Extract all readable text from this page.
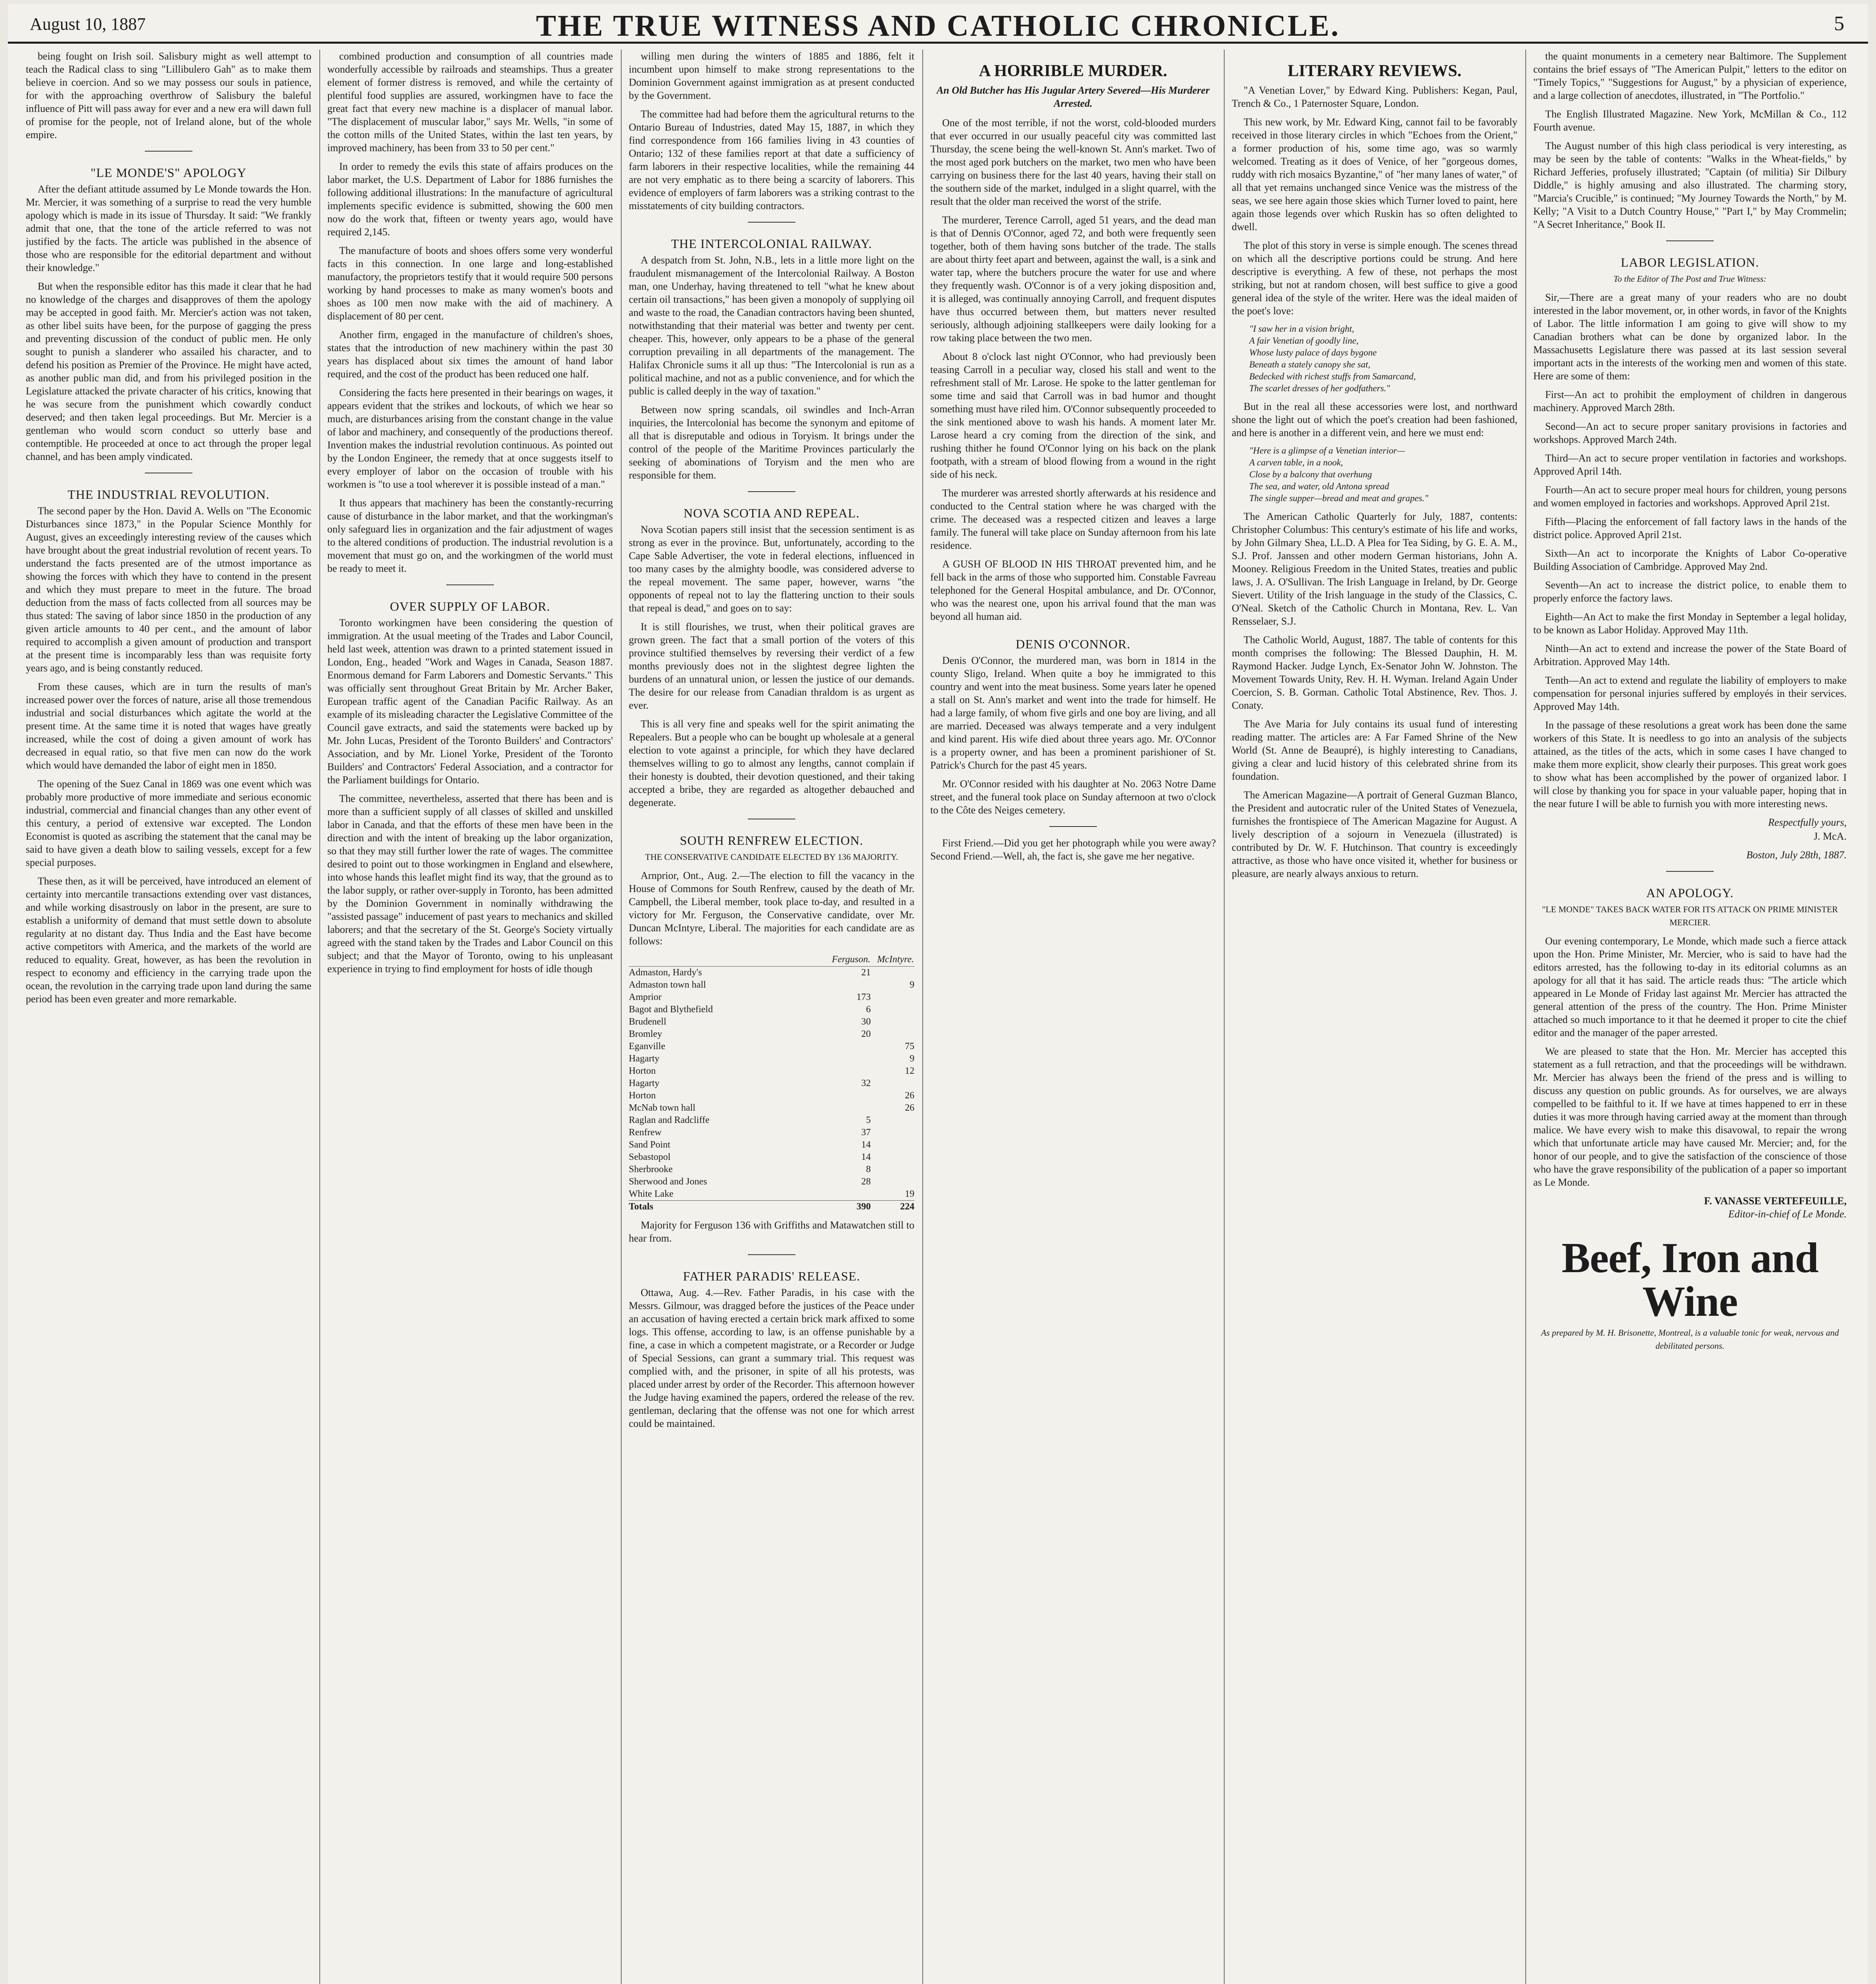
August 10, 1887	THE TRUE WITNESS AND CATHOLIC CHRONICLE.	5

being fought on Irish soil. Salisbury might as well attempt to teach the Radical class to sing "Lillibulero Gah" as to make them believe in coercion. And so we may possess our souls in patience, for with the approaching overthrow of Salisbury the baleful influence of Pitt will pass away for ever and a new era will dawn full of promise for the people, not of Ireland alone, but of the whole empire.

"LE MONDE'S" APOLOGY

After the defiant attitude assumed by Le Monde towards the Hon. Mr. Mercier, it was something of a surprise to read the very humble apology which is made in its issue of Thursday. It said: "We frankly admit that one, that the tone of the article referred to was not justified by the facts. The article was published in the absence of those who are responsible for the editorial department and without their knowledge."

But when the responsible editor has this made it clear that he had no knowledge of the charges and disapproves of them the apology may be accepted in good faith. Mr. Mercier's action was not taken, as other libel suits have been, for the purpose of gagging the press and preventing discussion of the conduct of public men. He only sought to punish a slanderer who assailed his character, and to defend his position as Premier of the Province. He might have acted, as another public man did, and from his privileged position in the Legislature attacked the private character of his critics, knowing that he was secure from the punishment which cowardly conduct deserved; and then taken legal proceedings. But Mr. Mercier is a gentleman who would scorn conduct so utterly base and contemptible. He proceeded at once to act through the proper legal channel, and has been amply vindicated.

THE INDUSTRIAL REVOLUTION.

The second paper by the Hon. David A. Wells on "The Economic Disturbances since 1873," in the Popular Science Monthly for August, gives an exceedingly interesting review of the causes which have brought about the great industrial revolution of recent years. To understand the facts presented are of the utmost importance as showing the forces with which they have to contend in the present and which they must prepare to meet in the future. The broad deduction from the mass of facts collected from all sources may be thus stated: The saving of labor since 1850 in the production of any given article amounts to 40 per cent., and the amount of labor required to accomplish a given amount of production and transport at the present time is incomparably less than was requisite forty years ago, and is being constantly reduced.

From these causes, which are in turn the results of man's increased power over the forces of nature, arise all those tremendous industrial and social disturbances which agitate the world at the present time. At the same time it is noted that wages have greatly increased, while the cost of doing a given amount of work has decreased in equal ratio, so that five men can now do the work which would have demanded the labor of eight men in 1850.

The opening of the Suez Canal in 1869 was one event which was probably more productive of more immediate and serious economic industrial, commercial and financial changes than any other event of this century, a period of extensive war excepted. The London Economist is quoted as ascribing the statement that the canal may be said to have given a death blow to sailing vessels, except for a few special purposes.

These then, as it will be perceived, have introduced an element of certainty into mercantile transactions extending over vast distances, and while working disastrously on labor in the present, are sure to establish a uniformity of demand that must settle down to absolute regularity at no distant day. Thus India and the East have become active competitors with America, and the markets of the world are reduced to equality. Great, however, as has been the revolution in respect to economy and efficiency in the carrying trade upon the ocean, the revolution in the carrying trade upon land during the same period has been even greater and more remarkable.

combined production and consumption of all countries made wonderfully accessible by railroads and steamships. Thus a greater element of former distress is removed, and while the certainty of plentiful food supplies are assured, workingmen have to face the great fact that every new machine is a displacer of manual labor. "The displacement of muscular labor," says Mr. Wells, "in some of the cotton mills of the United States, within the last ten years, by improved machinery, has been from 33 to 50 per cent."

In order to remedy the evils this state of affairs produces on the labor market, the U.S. Department of Labor for 1886 furnishes the following additional illustrations: In the manufacture of agricultural implements specific evidence is submitted, showing the 600 men now do the work that, fifteen or twenty years ago, would have required 2,145.

The manufacture of boots and shoes offers some very wonderful facts in this connection. In one large and long-established manufactory, the proprietors testify that it would require 500 persons working by hand processes to make as many women's boots and shoes as 100 men now make with the aid of machinery. A displacement of 80 per cent.

Another firm, engaged in the manufacture of children's shoes, states that the introduction of new machinery within the past 30 years has displaced about six times the amount of hand labor required, and the cost of the product has been reduced one half.

Considering the facts here presented in their bearings on wages, it appears evident that the strikes and lockouts, of which we hear so much, are disturbances arising from the constant change in the value of labor and machinery, and consequently of the productions thereof. Invention makes the industrial revolution continuous. As pointed out by the London Engineer, the remedy that at once suggests itself to every employer of labor on the occasion of trouble with his workmen is "to use a tool wherever it is possible instead of a man."

It thus appears that machinery has been the constantly-recurring cause of disturbance in the labor market, and that the workingman's only safeguard lies in organization and the fair adjustment of wages to the altered conditions of production. The industrial revolution is a movement that must go on, and the workingmen of the world must be ready to meet it.

OVER SUPPLY OF LABOR.

Toronto workingmen have been considering the question of immigration. At the usual meeting of the Trades and Labor Council, held last week, attention was drawn to a printed statement issued in London, Eng., headed "Work and Wages in Canada, Season 1887. Enormous demand for Farm Laborers and Domestic Servants." This was officially sent throughout Great Britain by Mr. Archer Baker, European traffic agent of the Canadian Pacific Railway. As an example of its misleading character the Legislative Committee of the Council gave extracts, and said the statements were backed up by Mr. John Lucas, President of the Toronto Builders' and Contractors' Association, and by Mr. Lionel Yorke, President of the Toronto Builders' and Contractors' Federal Association, and a contractor for the Parliament buildings for Ontario.

The committee, nevertheless, asserted that there has been and is more than a sufficient supply of all classes of skilled and unskilled labor in Canada, and that the efforts of these men have been in the direction and with the intent of breaking up the labor organization, so that they may still further lower the rate of wages. The committee desired to point out to those workingmen in England and elsewhere, into whose hands this leaflet might find its way, that the ground as to the labor supply, or rather over-supply in Toronto, has been admitted by the Dominion Government in nominally withdrawing the "assisted passage" inducement of past years to mechanics and skilled laborers; and that the secretary of the St. George's Society virtually agreed with the stand taken by the Trades and Labor Council on this subject; and that the Mayor of Toronto, owing to his unpleasant experience in trying to find employment for hosts of idle though

willing men during the winters of 1885 and 1886, felt it incumbent upon himself to make strong representations to the Dominion Government against immigration as at present conducted by the Government.

The committee had had before them the agricultural returns to the Ontario Bureau of Industries, dated May 15, 1887, in which they find correspondence from 166 families living in 43 counties of Ontario; 132 of these families report at that date a sufficiency of farm laborers in their respective localities, while the remaining 44 are not very emphatic as to there being a scarcity of laborers. This evidence of employers of farm laborers was a striking contrast to the misstatements of city building contractors.

THE INTERCOLONIAL RAILWAY.

A despatch from St. John, N.B., lets in a little more light on the fraudulent mismanagement of the Intercolonial Railway. A Boston man, one Underhay, having threatened to tell "what he knew about certain oil transactions," has been given a monopoly of supplying oil and waste to the road, the Canadian contractors having been shunted, notwithstanding that their material was better and twenty per cent. cheaper. This, however, only appears to be a phase of the general corruption prevailing in all departments of the management. The Halifax Chronicle sums it all up thus: "The Intercolonial is run as a political machine, and not as a public convenience, and for which the public is called deeply in the way of taxation."

Between now spring scandals, oil swindles and Inch-Arran inquiries, the Intercolonial has become the synonym and epitome of all that is disreputable and odious in Toryism. It brings under the control of the people of the Maritime Provinces particularly the seeking of abominations of Toryism and the men who are responsible for them.

NOVA SCOTIA AND REPEAL.

Nova Scotian papers still insist that the secession sentiment is as strong as ever in the province. But, unfortunately, according to the Cape Sable Advertiser, the vote in federal elections, influenced in too many cases by the almighty boodle, was considered adverse to the repeal movement. The same paper, however, warns "the opponents of repeal not to lay the flattering unction to their souls that repeal is dead," and goes on to say:

It is still flourishes, we trust, when their political graves are grown green. The fact that a small portion of the voters of this province stultified themselves by reversing their verdict of a few months previously does not in the slightest degree lighten the burdens of an unnatural union, or lessen the justice of our demands. The desire for our release from Canadian thraldom is as urgent as ever.

This is all very fine and speaks well for the spirit animating the Repealers. But a people who can be bought up wholesale at a general election to vote against a principle, for which they have declared themselves willing to go to almost any lengths, cannot complain if their honesty is doubted, their devotion questioned, and their taking accepted a bribe, they are regarded as altogether debauched and degenerate.

SOUTH RENFREW ELECTION.
THE CONSERVATIVE CANDIDATE ELECTED BY 136 MAJORITY.

Arnprior, Ont., Aug. 2.—The election to fill the vacancy in the House of Commons for South Renfrew, caused by the death of Mr. Campbell, the Liberal member, took place to-day, and resulted in a victory for Mr. Ferguson, the Conservative candidate, over Mr. Duncan McIntyre, Liberal. The majorities for each candidate are as follows:

	Ferguson.	McIntyre.
Admaston, Hardy's	21	
Admaston town hall		9
Amprior	173	
Bagot and Blythefield	6	
Brudenell	30	
Bromley	20	
Eganville		75
Hagarty		9
Horton		12
Hagarty	32	
Horton		26
McNab town hall		26
Raglan and Radcliffe	5	
Renfrew	37	
Sand Point	14	
Sebastopol	14	
Sherbrooke	8	
Sherwood and Jones	28	
White Lake		19
Totals	390	224

Majority for Ferguson 136 with Griffiths and Matawatchen still to hear from.

FATHER PARADIS' RELEASE.

Ottawa, Aug. 4.—Rev. Father Paradis, in his case with the Messrs. Gilmour, was dragged before the justices of the Peace under an accusation of having erected a certain brick mark affixed to some logs. This offense, according to law, is an offense punishable by a fine, a case in which a competent magistrate, or a Recorder or Judge of Special Sessions, can grant a summary trial. This request was complied with, and the prisoner, in spite of all his protests, was placed under arrest by order of the Recorder. This afternoon however the Judge having examined the papers, ordered the release of the rev. gentleman, declaring that the offense was not one for which arrest could be maintained.

A HORRIBLE MURDER.
An Old Butcher has His Jugular Artery Severed—His Murderer Arrested.

One of the most terrible, if not the worst, cold-blooded murders that ever occurred in our usually peaceful city was committed last Thursday, the scene being the well-known St. Ann's market. Two of the most aged pork butchers on the market, two men who have been carrying on business there for the last 40 years, having their stall on the southern side of the market, indulged in a slight quarrel, with the result that the older man received the worst of the strife.

The murderer, Terence Carroll, aged 51 years, and the dead man is that of Dennis O'Connor, aged 72, and both were frequently seen together, both of them having sons butcher of the trade. The stalls are about thirty feet apart and between, against the wall, is a sink and water tap, where the butchers procure the water for use and where they frequently wash. O'Connor is of a very joking disposition and, it is alleged, was continually annoying Carroll, and frequent disputes have thus occurred between them, but matters never resulted seriously, although adjoining stallkeepers were daily looking for a row taking place between the two men.

About 8 o'clock last night O'Connor, who had previously been teasing Carroll in a peculiar way, closed his stall and went to the refreshment stall of Mr. Larose. He spoke to the latter gentleman for some time and said that Carroll was in bad humor and thought something must have riled him. O'Connor subsequently proceeded to the sink mentioned above to wash his hands. A moment later Mr. Larose heard a cry coming from the direction of the sink, and rushing thither he found O'Connor lying on his back on the plank footpath, with a stream of blood flowing from a wound in the right side of his neck.

The murderer was arrested shortly afterwards at his residence and conducted to the Central station where he was charged with the crime. The deceased was a respected citizen and leaves a large family. The funeral will take place on Sunday afternoon from his late residence.

A GUSH OF BLOOD IN HIS THROAT prevented him, and he fell back in the arms of those who supported him. Constable Favreau telephoned for the General Hospital ambulance, and Dr. O'Connor, who was the nearest one, upon his arrival found that the man was beyond all human aid.

DENIS O'CONNOR.

Denis O'Connor, the murdered man, was born in 1814 in the county Sligo, Ireland. When quite a boy he immigrated to this country and went into the meat business. Some years later he opened a stall on St. Ann's market and went into the trade for himself. He had a large family, of whom five girls and one boy are living, and all are married. Deceased was always temperate and a very indulgent and kind parent. His wife died about three years ago. Mr. O'Connor is a property owner, and has been a prominent parishioner of St. Patrick's Church for the past 45 years.

Mr. O'Connor resided with his daughter at No. 2063 Notre Dame street, and the funeral took place on Sunday afternoon at two o'clock to the Côte des Neiges cemetery.

First Friend.—Did you get her photograph while you were away? Second Friend.—Well, ah, the fact is, she gave me her negative.

LITERARY REVIEWS.

"A Venetian Lover," by Edward King. Publishers: Kegan, Paul, Trench & Co., 1 Paternoster Square, London.

This new work, by Mr. Edward King, cannot fail to be favorably received in those literary circles in which "Echoes from the Orient," a former production of his, some time ago, was so warmly welcomed. Treating as it does of Venice, of her "gorgeous domes, ruddy with rich mosaics Byzantine," of "her many lanes of water," of all that yet remains unchanged since Venice was the mistress of the seas, we see here again those skies which Turner loved to paint, here again those legends over which Ruskin has so often delighted to dwell.

The plot of this story in verse is simple enough. The scenes thread on which all the descriptive portions could be strung. And here descriptive is everything. A few of these, not perhaps the most striking, but not at random chosen, will best suffice to give a good general idea of the style of the writer. Here was the ideal maiden of the poet's love:

"I saw her in a vision bright,
A fair Venetian of goodly line,
Whose lusty palace of days bygone
Beneath a stately canopy she sat,
Bedecked with richest stuffs from Samarcand,
The scarlet dresses of her godfathers."

But in the real all these accessories were lost, and northward shone the light out of which the poet's creation had been fashioned, and here is another in a different vein, and here we must end:

"Here is a glimpse of a Venetian interior—
A carven table, in a nook,
Close by a balcony that overhung
The sea, and water, old Antona spread
The single supper—bread and meat and grapes."

The American Catholic Quarterly for July, 1887, contents: Christopher Columbus: This century's estimate of his life and works, by John Gilmary Shea, LL.D. A Plea for Tea Siding, by G. E. A. M., S.J. Prof. Janssen and other modern German historians, John A. Mooney. Religious Freedom in the United States, treaties and public laws, J. A. O'Sullivan. The Irish Language in Ireland, by Dr. George Sievert. Utility of the Irish language in the study of the Classics, C. O'Neal. Sketch of the Catholic Church in Montana, Rev. L. Van Rensselaer, S.J.

The Catholic World, August, 1887. The table of contents for this month comprises the following: The Blessed Dauphin, H. M. Raymond Hacker. Judge Lynch, Ex-Senator John W. Johnston. The Movement Towards Unity, Rev. H. H. Wyman. Ireland Again Under Coercion, S. B. Gorman. Catholic Total Abstinence, Rev. Thos. J. Conaty.

The Ave Maria for July contains its usual fund of interesting reading matter. The articles are: A Far Famed Shrine of the New World (St. Anne de Beaupré), is highly interesting to Canadians, giving a clear and lucid history of this celebrated shrine from its foundation.

The American Magazine—A portrait of General Guzman Blanco, the President and autocratic ruler of the United States of Venezuela, furnishes the frontispiece of The American Magazine for August. A lively description of a sojourn in Venezuela (illustrated) is contributed by Dr. W. F. Hutchinson. That country is exceedingly attractive, as those who have once visited it, whether for business or pleasure, are nearly always anxious to return.

the quaint monuments in a cemetery near Baltimore. The Supplement contains the brief essays of "The American Pulpit," letters to the editor on "Timely Topics," "Suggestions for August," by a physician of experience, and a large collection of anecdotes, illustrated, in "The Portfolio."

The English Illustrated Magazine. New York, McMillan & Co., 112 Fourth avenue.

The August number of this high class periodical is very interesting, as may be seen by the table of contents: "Walks in the Wheat-fields," by Richard Jefferies, profusely illustrated; "Captain (of militia) Sir Dilbury Diddle," is highly amusing and also illustrated. The charming story, "Marcia's Crucible," is continued; "My Journey Towards the North," by M. Kelly; "A Visit to a Dutch Country House," "Part I," by May Crommelin; "A Secret Inheritance," Book II.

LABOR LEGISLATION.
To the Editor of The Post and True Witness:

Sir,—There are a great many of your readers who are no doubt interested in the labor movement, or, in other words, in favor of the Knights of Labor. The little information I am going to give will show to my Canadian brothers what can be done by organized labor. In the Massachusetts Legislature there was passed at its last session several important acts in the interests of the working men and women of this state. Here are some of them:

First—An act to prohibit the employment of children in dangerous machinery. Approved March 28th.

Second—An act to secure proper sanitary provisions in factories and workshops. Approved March 24th.

Third—An act to secure proper ventilation in factories and workshops. Approved April 14th.

Fourth—An act to secure proper meal hours for children, young persons and women employed in factories and workshops. Approved April 21st.

Fifth—Placing the enforcement of fall factory laws in the hands of the district police. Approved April 21st.

Sixth—An act to incorporate the Knights of Labor Co-operative Building Association of Cambridge. Approved May 2nd.

Seventh—An act to increase the district police, to enable them to properly enforce the factory laws.

Eighth—An Act to make the first Monday in September a legal holiday, to be known as Labor Holiday. Approved May 11th.

Ninth—An act to extend and increase the power of the State Board of Arbitration. Approved May 14th.

Tenth—An act to extend and regulate the liability of employers to make compensation for personal injuries suffered by employés in their services. Approved May 14th.

In the passage of these resolutions a great work has been done the same workers of this State. It is needless to go into an analysis of the subjects attained, as the titles of the acts, which in some cases I have changed to make them more explicit, show clearly their purposes. This great work goes to show what has been accomplished by the power of organized labor. I will close by thanking you for space in your valuable paper, hoping that in the near future I will be able to furnish you with more interesting news.

Respectfully yours,

J. McA.

Boston, July 28th, 1887.

AN APOLOGY.
"LE MONDE" TAKES BACK WATER FOR ITS ATTACK ON PRIME MINISTER MERCIER.

Our evening contemporary, Le Monde, which made such a fierce attack upon the Hon. Prime Minister, Mr. Mercier, who is said to have had the editors arrested, has the following to-day in its editorial columns as an apology for all that it has said. The article reads thus: "The article which appeared in Le Monde of Friday last against Mr. Mercier has attracted the general attention of the press of the country. The Hon. Prime Minister attached so much importance to it that he deemed it proper to cite the chief editor and the manager of the paper arrested.

We are pleased to state that the Hon. Mr. Mercier has accepted this statement as a full retraction, and that the proceedings will be withdrawn. Mr. Mercier has always been the friend of the press and is willing to discuss any question on public grounds. As for ourselves, we are always compelled to be faithful to it. If we have at times happened to err in these duties it was more through having carried away at the moment than through malice. We have every wish to make this disavowal, to repair the wrong which that unfortunate article may have caused Mr. Mercier; and, for the honor of our people, and to give the satisfaction of the conscience of those who have the grave responsibility of the publication of a paper so important as Le Monde.

F. VANASSE VERTEFEUILLE,

Editor-in-chief of Le Monde.

Beef, Iron and Wine
As prepared by M. H. Brisonette, Montreal, is a valuable tonic for weak, nervous and debilitated persons.
